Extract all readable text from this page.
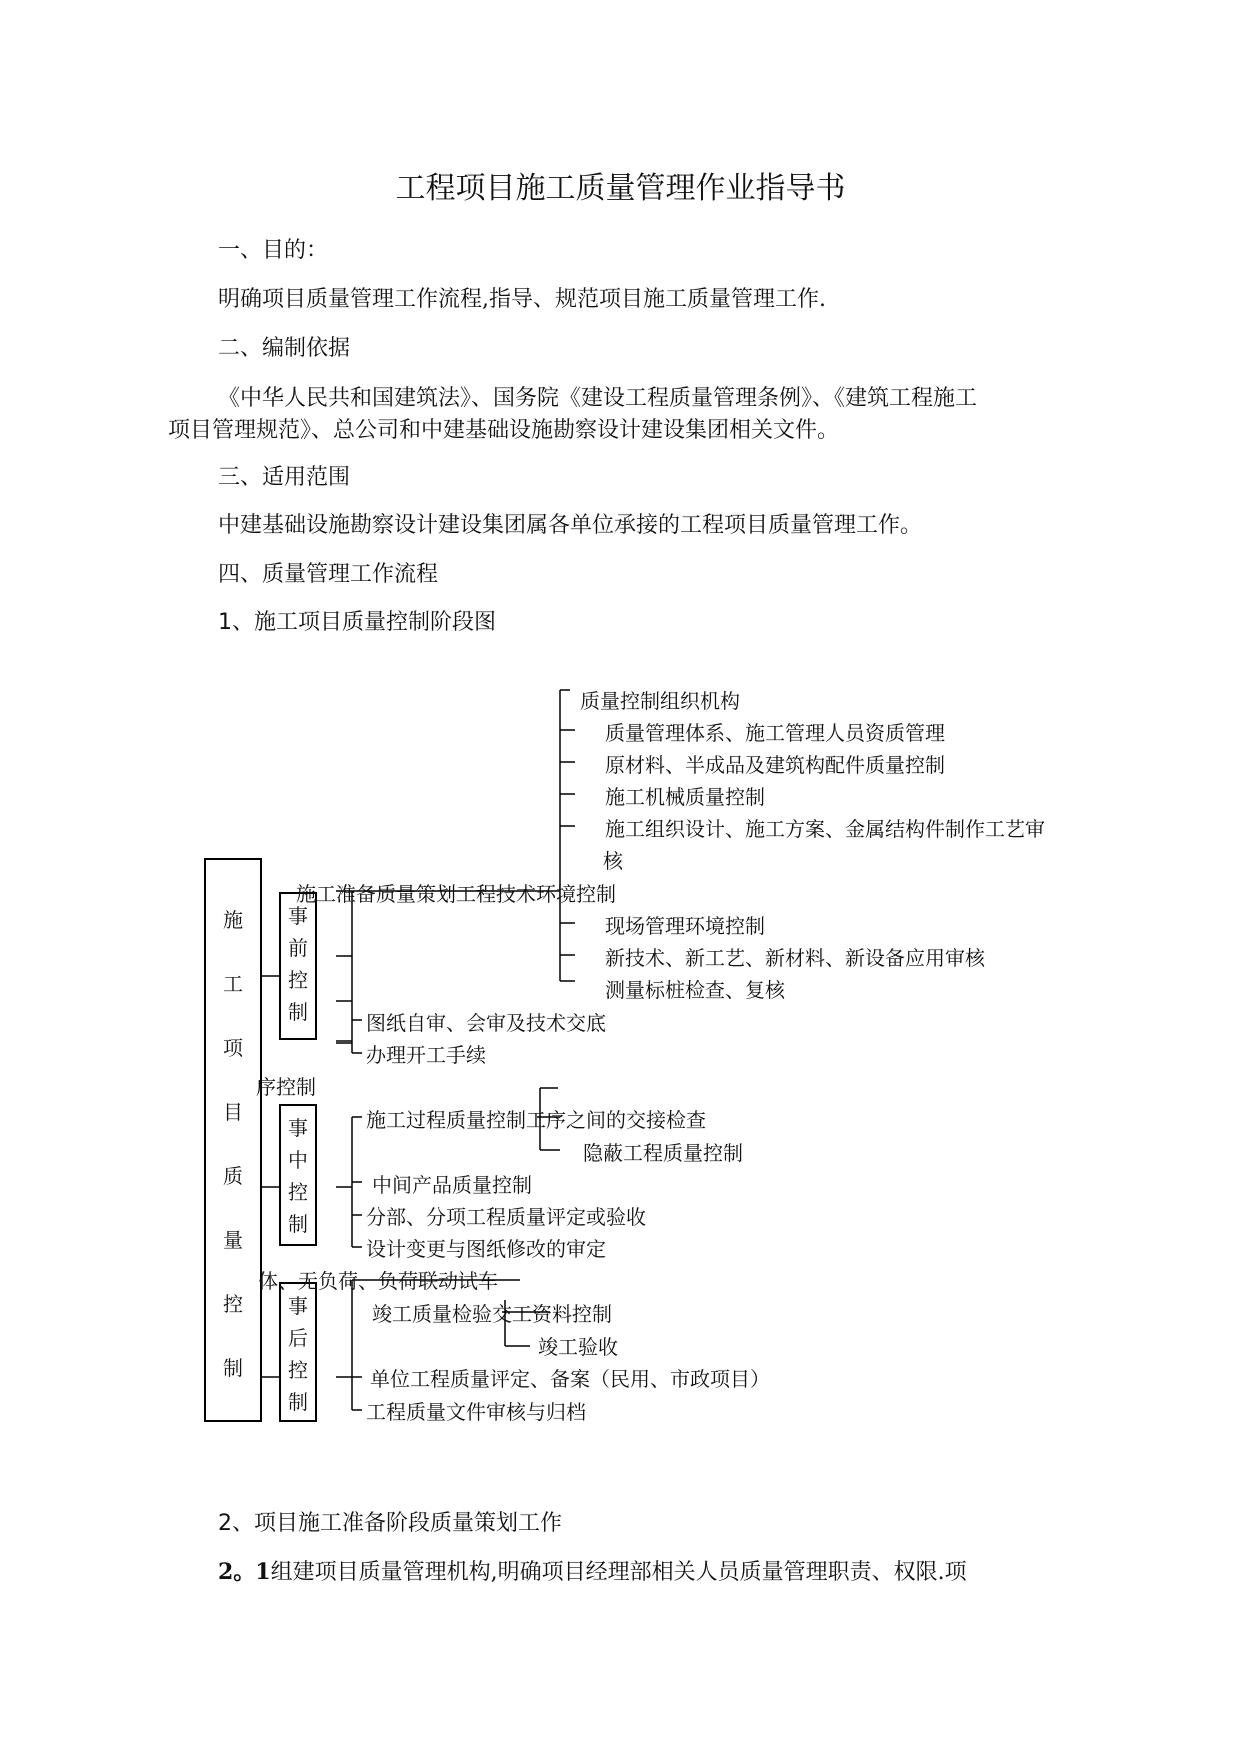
工程项目施工质量管理作业指导书
一、目的：
明确项目质量管理工作流程,指导、规范项目施工质量管理工作.
二、编制依据
《中华人民共和国建筑法》、国务院《建设工程质量管理条例》、《建筑工程施工
项目管理规范》、总公司和中建基础设施勘察设计建设集团相关文件。
三、适用范围
中建基础设施勘察设计建设集团属各单位承接的工程项目质量管理工作。
四、质量管理工作流程
1、施工项目质量控制阶段图
施
工
项
目
质
量
控
制
事
前
控
制
事
中
控
制
事
后
控
制
施工准备质量策划工程技术环境控制
质量控制组织机构
质量管理体系、施工管理人员资质管理
原材料、半成品及建筑构配件质量控制
施工机械质量控制
施工组织设计、施工方案、金属结构件制作工艺审
核
现场管理环境控制
新技术、新工艺、新材料、新设备应用审核
测量标桩检查、复核
图纸自审、会审及技术交底
办理开工手续
序控制
施工过程质量控制工序之间的交接检查
隐蔽工程质量控制
中间产品质量控制
分部、分项工程质量评定或验收
设计变更与图纸修改的审定
体、无负荷、负荷联动试车
竣工质量检验交工资料控制
竣工验收
单位工程质量评定、备案（民用、市政项目）
工程质量文件审核与归档
2、项目施工准备阶段质量策划工作
2。1组建项目质量管理机构,明确项目经理部相关人员质量管理职责、权限.项
